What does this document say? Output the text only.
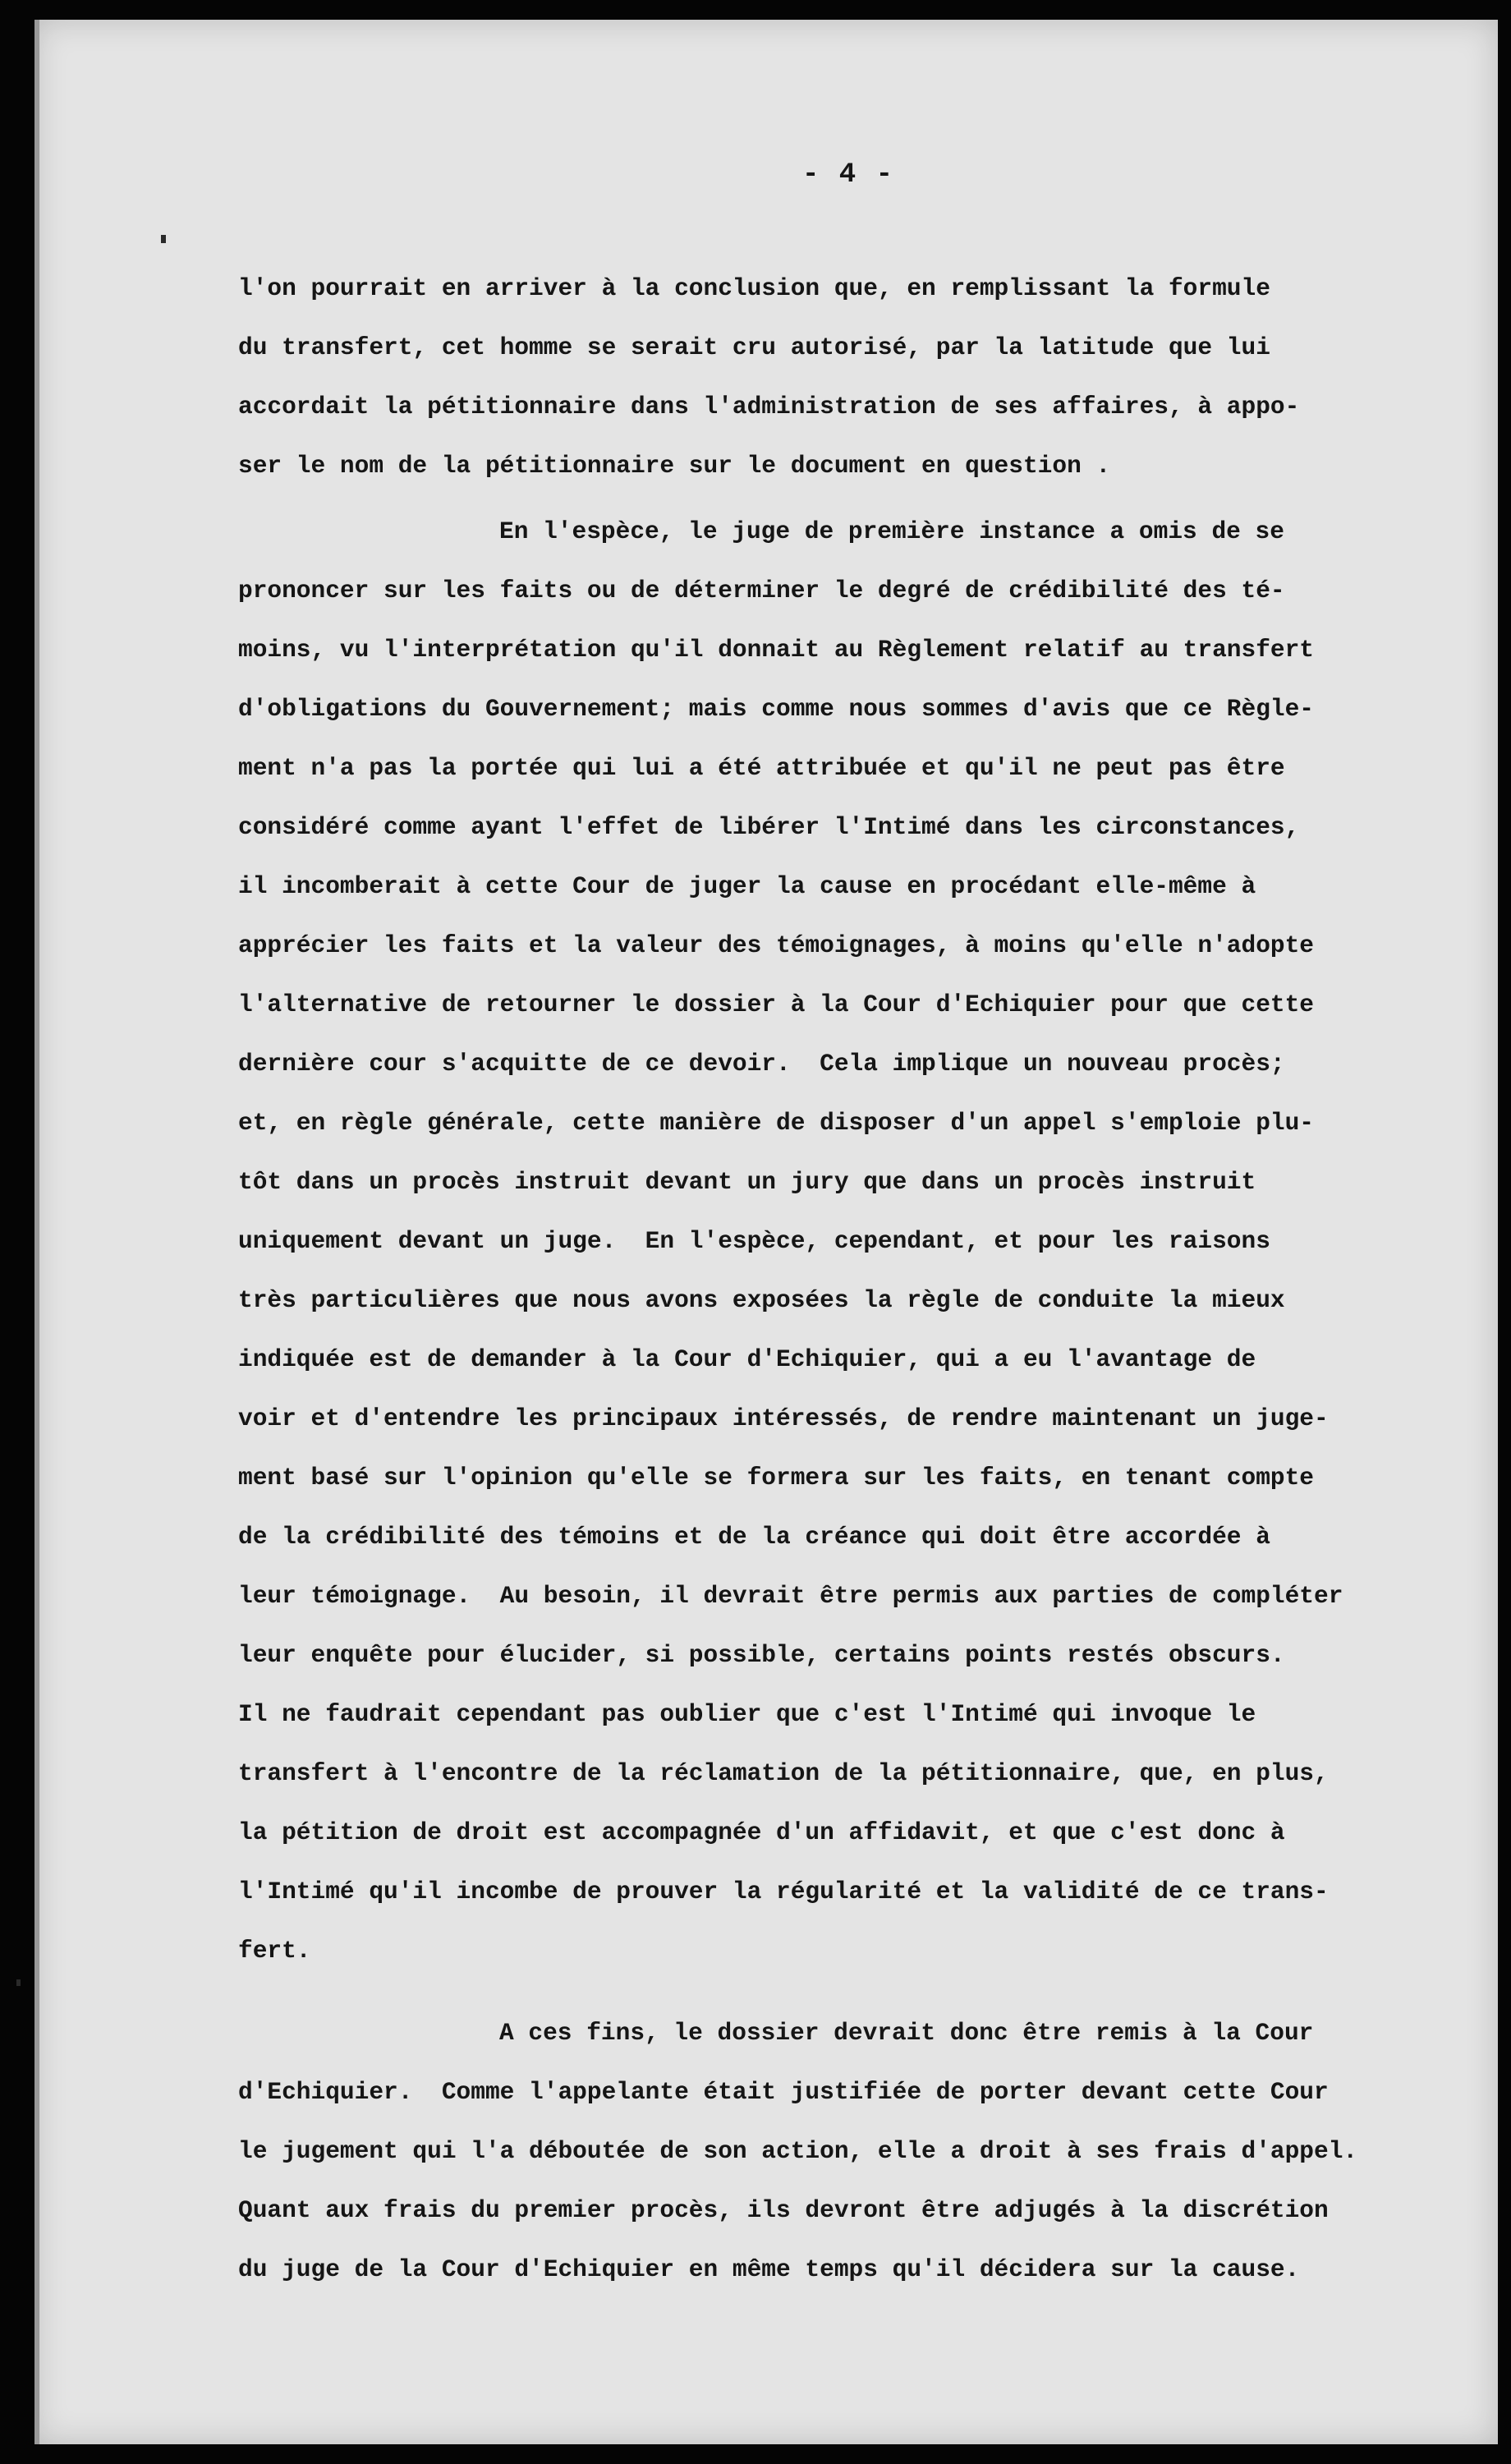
- 4 -
l'on pourrait en arriver à la conclusion que, en remplissant la formule
du transfert, cet homme se serait cru autorisé, par la latitude que lui
accordait la pétitionnaire dans l'administration de ses affaires, à appo-
ser le nom de la pétitionnaire sur le document en question .
En l'espèce, le juge de première instance a omis de se
prononcer sur les faits ou de déterminer le degré de crédibilité des té-
moins, vu l'interprétation qu'il donnait au Règlement relatif au transfert
d'obligations du Gouvernement; mais comme nous sommes d'avis que ce Règle-
ment n'a pas la portée qui lui a été attribuée et qu'il ne peut pas être
considéré comme ayant l'effet de libérer l'Intimé dans les circonstances,
il incomberait à cette Cour de juger la cause en procédant elle-même à
apprécier les faits et la valeur des témoignages, à moins qu'elle n'adopte
l'alternative de retourner le dossier à la Cour d'Echiquier pour que cette
dernière cour s'acquitte de ce devoir.  Cela implique un nouveau procès;
et, en règle générale, cette manière de disposer d'un appel s'emploie plu-
tôt dans un procès instruit devant un jury que dans un procès instruit
uniquement devant un juge.  En l'espèce, cependant, et pour les raisons
très particulières que nous avons exposées la règle de conduite la mieux
indiquée est de demander à la Cour d'Echiquier, qui a eu l'avantage de
voir et d'entendre les principaux intéressés, de rendre maintenant un juge-
ment basé sur l'opinion qu'elle se formera sur les faits, en tenant compte
de la crédibilité des témoins et de la créance qui doit être accordée à
leur témoignage.  Au besoin, il devrait être permis aux parties de compléter
leur enquête pour élucider, si possible, certains points restés obscurs.
Il ne faudrait cependant pas oublier que c'est l'Intimé qui invoque le
transfert à l'encontre de la réclamation de la pétitionnaire, que, en plus,
la pétition de droit est accompagnée d'un affidavit, et que c'est donc à
l'Intimé qu'il incombe de prouver la régularité et la validité de ce trans-
fert.
A ces fins, le dossier devrait donc être remis à la Cour
d'Echiquier.  Comme l'appelante était justifiée de porter devant cette Cour
le jugement qui l'a déboutée de son action, elle a droit à ses frais d'appel.
Quant aux frais du premier procès, ils devront être adjugés à la discrétion
du juge de la Cour d'Echiquier en même temps qu'il décidera sur la cause.
